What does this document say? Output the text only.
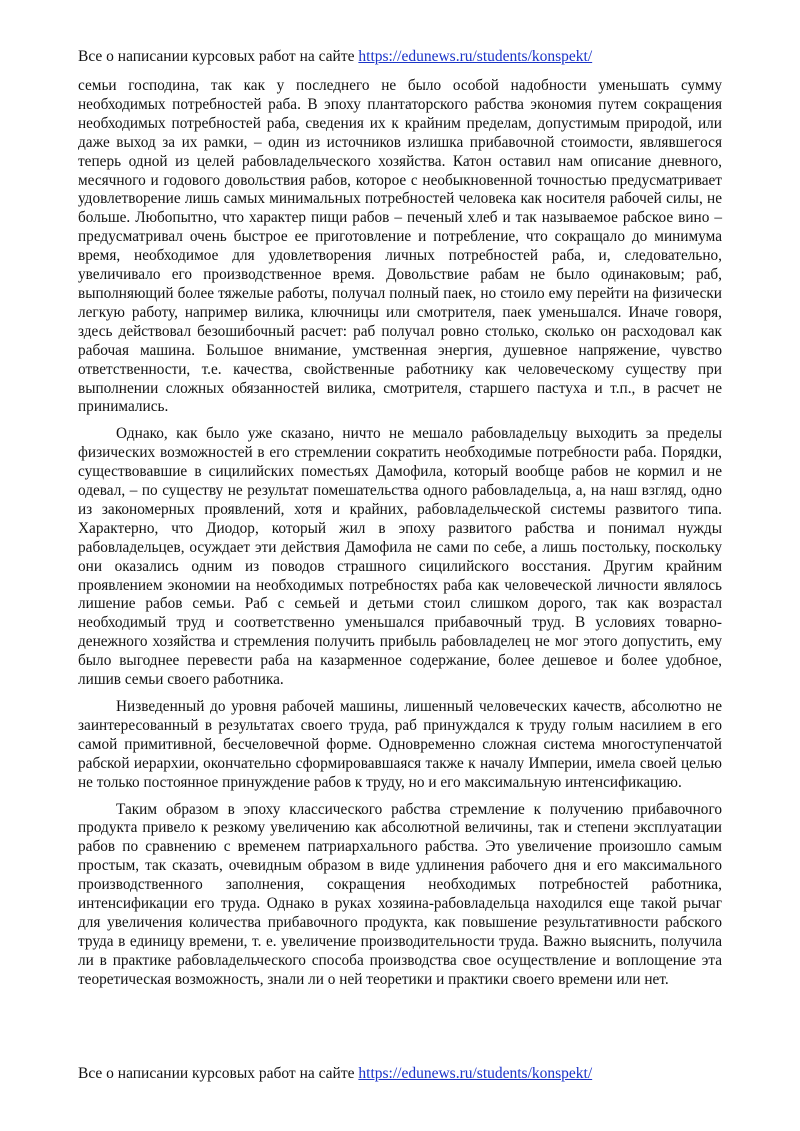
Все о написании курсовых работ на сайте https://edunews.ru/students/konspekt/

семьи господина, так как у последнего не было особой надобности уменьшать сумму необходимых потребностей раба. В эпоху плантаторского рабства экономия путем сокращения необходимых потребностей раба, сведения их к крайним пределам, допустимым природой, или даже выход за их рамки, – один из источников излишка прибавочной стоимости, являвшегося теперь одной из целей рабовладельческого хозяйства. Катон оставил нам описание дневного, месячного и годового довольствия рабов, которое с необыкновенной точностью предусматривает удовлетворение лишь самых минимальных потребностей человека как носителя рабочей силы, не больше. Любопытно, что характер пищи рабов – печеный хлеб и так называемое рабское вино – предусматривал очень быстрое ее приготовление и потребление, что сокращало до минимума время, необходимое для удовлетворения личных потребностей раба, и, следовательно, увеличивало его производственное время. Довольствие рабам не было одинаковым; раб, выполняющий более тяжелые работы, получал полный паек, но стоило ему перейти на физически легкую работу, например вилика, ключницы или смотрителя, паек уменьшался. Иначе говоря, здесь действовал безошибочный расчет: раб получал ровно столько, сколько он расходовал как рабочая машина. Большое внимание, умственная энергия, душевное напряжение, чувство ответственности, т.е. качества, свойственные работнику как человеческому существу при выполнении сложных обязанностей вилика, смотрителя, старшего пастуха и т.п., в расчет не принимались.

Однако, как было уже сказано, ничто не мешало рабовладельцу выходить за пределы физических возможностей в его стремлении сократить необходимые потребности раба. Порядки, существовавшие в сицилийских поместьях Дамофила, который вообще рабов не кормил и не одевал, – по существу не результат помешательства одного рабовладельца, а, на наш взгляд, одно из закономерных проявлений, хотя и крайних, рабовладельческой системы развитого типа. Характерно, что Диодор, который жил в эпоху развитого рабства и понимал нужды рабовладельцев, осуждает эти действия Дамофила не сами по себе, а лишь постольку, поскольку они оказались одним из поводов страшного сицилийского восстания. Другим крайним проявлением экономии на необходимых потребностях раба как человеческой личности являлось лишение рабов семьи. Раб с семьей и детьми стоил слишком дорого, так как возрастал необходимый труд и соответственно уменьшался прибавочный труд. В условиях товарно-денежного хозяйства и стремления получить прибыль рабовладелец не мог этого допустить, ему было выгоднее перевести раба на казарменное содержание, более дешевое и более удобное, лишив семьи своего работника.

Низведенный до уровня рабочей машины, лишенный человеческих качеств, абсолютно не заинтересованный в результатах своего труда, раб принуждался к труду голым насилием в его самой примитивной, бесчеловечной форме. Одновременно сложная система многоступенчатой рабской иерархии, окончательно сформировавшаяся также к началу Империи, имела своей целью не только постоянное принуждение рабов к труду, но и его максимальную интенсификацию.

Таким образом в эпоху классического рабства стремление к получению прибавочного продукта привело к резкому увеличению как абсолютной величины, так и степени эксплуатации рабов по сравнению с временем патриархального рабства. Это увеличение произошло самым простым, так сказать, очевидным образом в виде удлинения рабочего дня и его максимального производственного заполнения, сокращения необходимых потребностей работника, интенсификации его труда. Однако в руках хозяина-рабовладельца находился еще такой рычаг для увеличения количества прибавочного продукта, как повышение результативности рабского труда в единицу времени, т. е. увеличение производительности труда. Важно выяснить, получила ли в практике рабовладельческого способа производства свое осуществление и воплощение эта теоретическая возможность, знали ли о ней теоретики и практики своего времени или нет.

Все о написании курсовых работ на сайте https://edunews.ru/students/konspekt/
